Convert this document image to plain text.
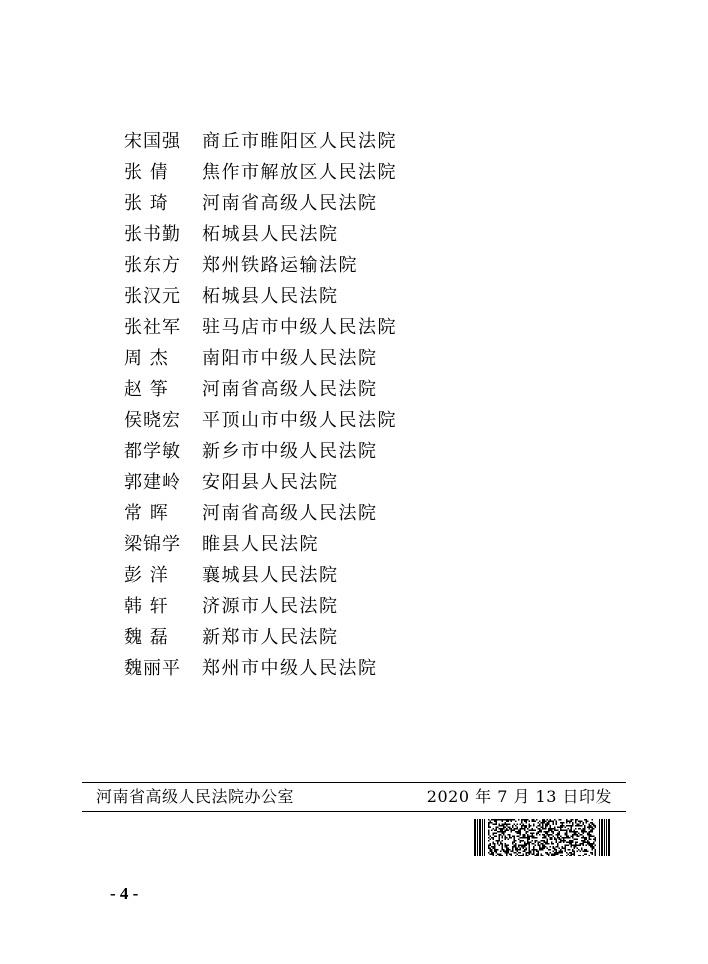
宋国强	商丘市睢阳区人民法院
张 倩	焦作市解放区人民法院
张 琦	河南省高级人民法院
张书勤	柘城县人民法院
张东方	郑州铁路运输法院
张汉元	柘城县人民法院
张社军	驻马店市中级人民法院
周 杰	南阳市中级人民法院
赵 筝	河南省高级人民法院
侯晓宏	平顶山市中级人民法院
都学敏	新乡市中级人民法院
郭建岭	安阳县人民法院
常 晖	河南省高级人民法院
梁锦学	睢县人民法院
彭 洋	襄城县人民法院
韩 轩	济源市人民法院
魏 磊	新郑市人民法院
魏丽平	郑州市中级人民法院
河南省高级人民法院办公室	2020 年 7 月 13 日印发
- 4 -
